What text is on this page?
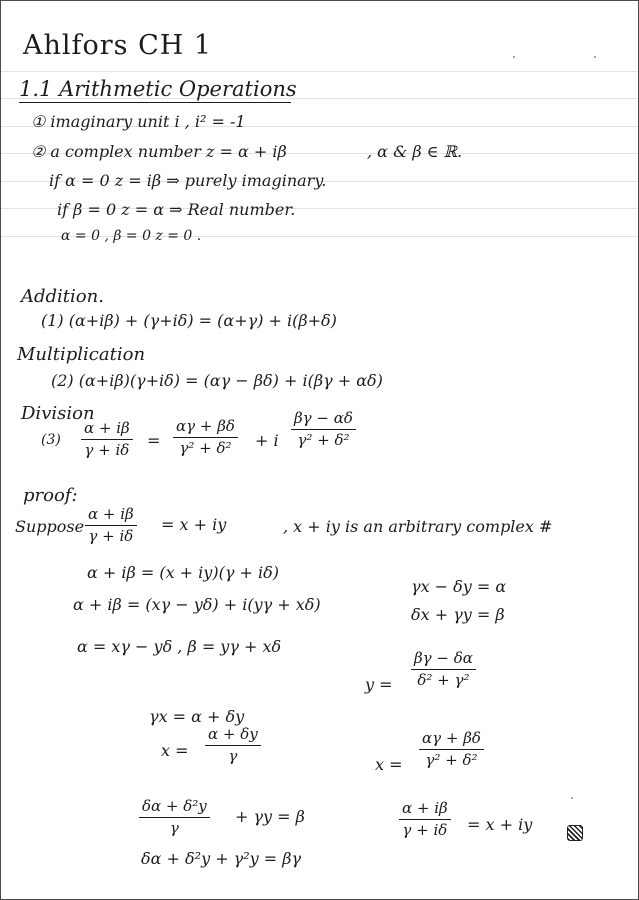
Ahlfors CH 1
1.1 Arithmetic Operations
① imaginary unit i , i² = -1
② a complex number z = α + iβ	, α & β ∈ ℝ.
if α = 0 z = iβ ⇒ purely imaginary.
if β = 0 z = α ⇒ Real number.
α = 0 , β = 0 z = 0 .
Addition.
(1) (α+iβ) + (γ+iδ) = (α+γ) + i(β+δ)
Multiplication
(2) (α+iβ)(γ+iδ) = (αγ − βδ) + i(βγ + αδ)
Division
$(3) \frac{\alpha + i\beta}{\gamma + i\delta} = \frac{\alpha\gamma + \beta\delta}{\text{γ² + δ²}} + i \frac{\beta\gamma - \alpha\delta}{\text{γ² + δ²}}$
proof:
Suppose $\frac{\alpha + i\beta}{\gamma + i\delta} = x$ + iy	, x + iy is an arbitrary complex #
α + iβ = (x + iy)(γ + iδ)
α + iβ = (xγ − yδ) + i(yγ + xδ)
α = xγ − yδ , β = yγ + xδ
γx − δy = α
δx + γy = β
$y = \frac{\beta\gamma - \delta\alpha}{\text{δ² + γ²}}$
γx = α + δy
$x = \frac{\alpha + \delta y}{\gamma}$	$x = \frac{\alpha\gamma + \beta\delta}{\text{γ² + δ²}}$
$\frac{\text{δα + δ²y}}{\gamma} + \gamma y = \beta$
δα + δ²y + γ²y = βγ
$\frac{\alpha + i\beta}{\gamma + i\delta} = x$ + iy
